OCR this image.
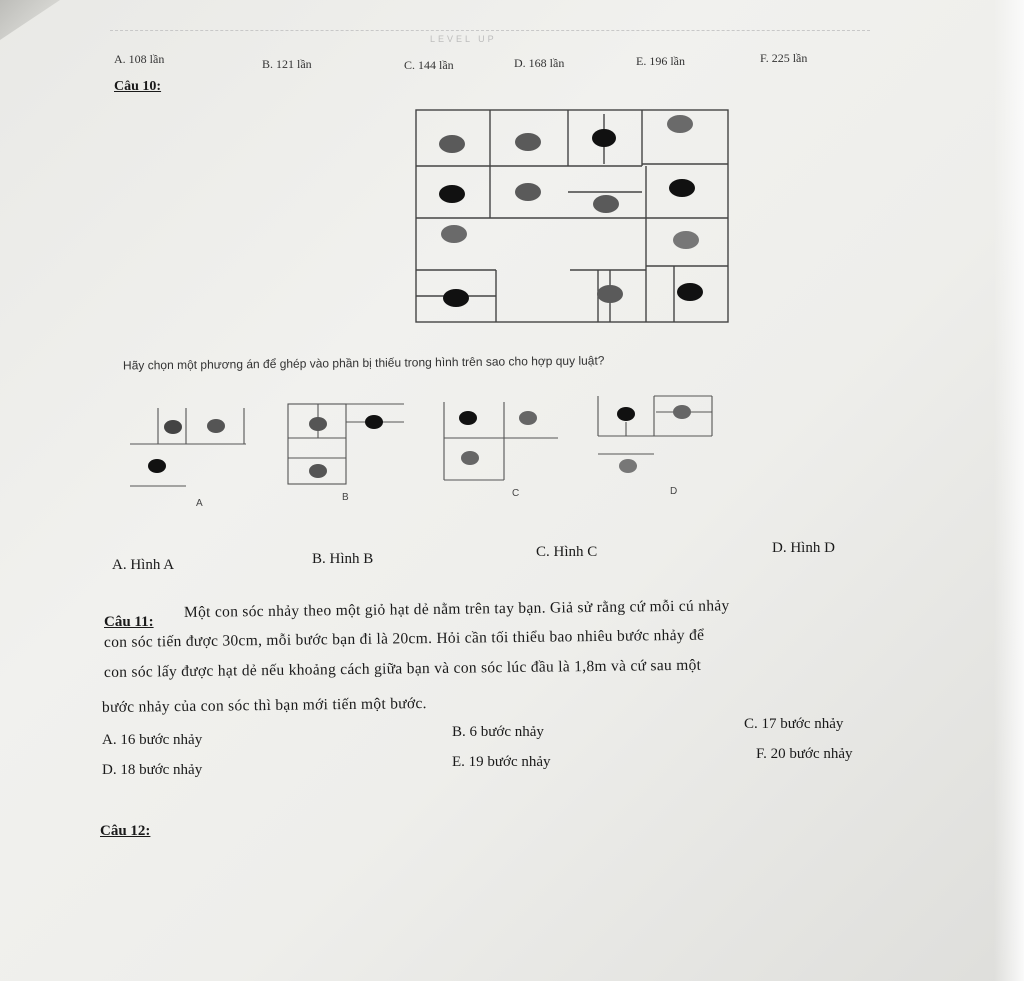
LEVEL UP
A. 108 lần	B. 121 lần	C. 144 lần	D. 168 lần	E. 196 lần	F. 225 lần
Câu 10:
Hãy chọn một phương án để ghép vào phần bị thiếu trong hình trên sao cho hợp quy luật?
A
B	C	D
A. Hình A	B. Hình B	C. Hình C	D. Hình D
Câu 11:
Một con sóc nhảy theo một giỏ hạt dẻ nằm trên tay bạn. Giả sử rằng cứ mỗi cú nhảy
con sóc tiến được 30cm, mỗi bước bạn đi là 20cm. Hỏi cần tối thiểu bao nhiêu bước nhảy để
con sóc lấy được hạt dẻ nếu khoảng cách giữa bạn và con sóc lúc đầu là 1,8m và cứ sau một
bước nhảy của con sóc thì bạn mới tiến một bước.
A. 16 bước nhảy	B. 6 bước nhảy	C. 17 bước nhảy
D. 18 bước nhảy	E. 19 bước nhảy	F. 20 bước nhảy
Câu 12:
